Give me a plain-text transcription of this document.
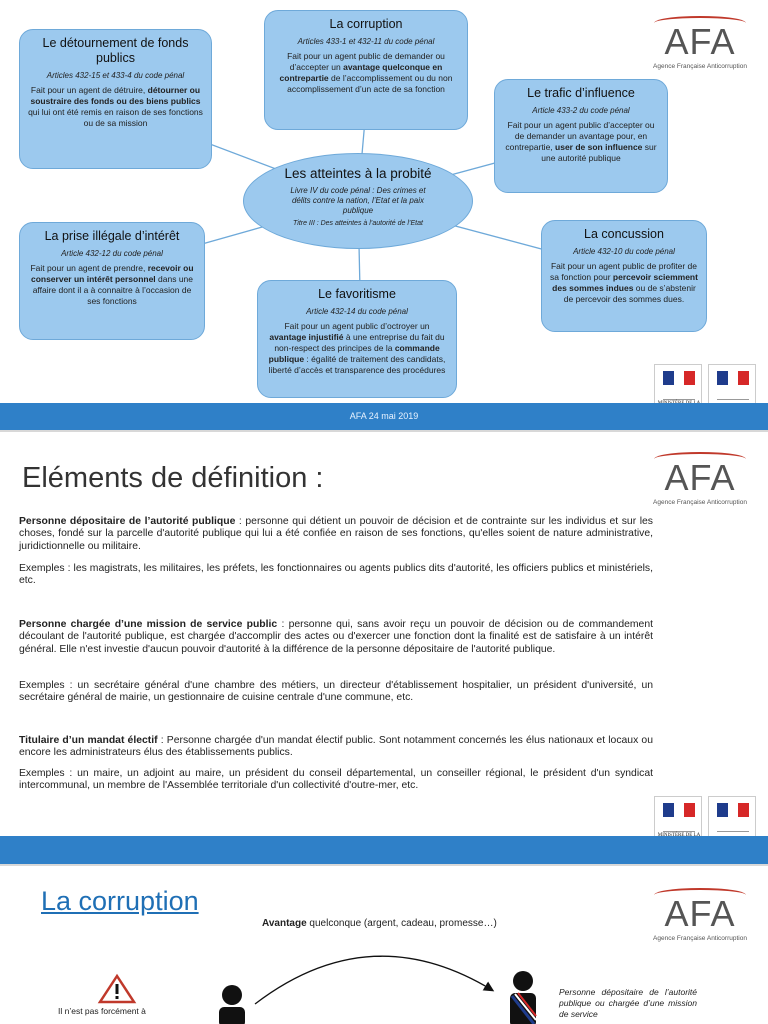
Le détournement de fonds publics
Articles 432-15 et 433-4 du code pénal
Fait pour un agent de détruire, détourner ou soustraire des fonds ou des biens publics qui lui ont été remis en raison de ses fonctions ou de sa mission
La corruption
Articles 433-1 et 432-11 du code pénal
Fait pour un agent public de demander ou d’accepter un avantage quelconque en contrepartie de l’accomplissement ou du non accomplissement d’un acte de sa fonction	Le trafic d’influence
Article 433-2 du code pénal
Fait pour un agent public d’accepter ou de demander un avantage pour, en contrepartie, user de son influence sur une autorité publique
Les atteintes à la probité
Livre IV du code pénal : Des crimes et délits contre la nation, l’Etat et la paix publique
Titre III : Des atteintes à l’autorité de l’Etat
La prise illégale d’intérêt
Article 432-12 du code pénal
Fait pour un agent de prendre, recevoir ou conserver un intérêt personnel dans une affaire dont il a à connaitre à l’occasion de ses fonctions	Le favoritisme
Article 432-14 du code pénal
Fait pour un agent public d’octroyer un avantage injustifié à une entreprise du fait du non-respect des principes de la commande publique : égalité de traitement des candidats, liberté d’accès et transparence des procédures
La concussion
Article 432-10 du code pénal
Fait pour un agent public de profiter de sa fonction pour percevoir sciemment des sommes indues ou de s’abstenir de percevoir des sommes dues.
AFA
Agence Française Anticorruption
AFA 24 mai 2019
Eléments de définition :	AFA
Agence Française Anticorruption
Personne dépositaire de l’autorité publique : personne qui détient un pouvoir de décision et de contrainte sur les individus et sur les choses, fondé sur la parcelle d'autorité publique qui lui a été confiée en raison de ses fonctions, qu'elles soient de nature administrative, juridictionnelle ou militaire.
Exemples : les magistrats, les militaires, les préfets, les fonctionnaires ou agents publics dits d'autorité, les officiers publics et ministériels, etc.
Personne chargée d’une mission de service public : personne qui, sans avoir reçu un pouvoir de décision ou de commandement découlant de l'autorité publique, est chargée d'accomplir des actes ou d'exercer une fonction dont la finalité est de satisfaire à un intérêt général. Elle n'est investie d'aucun pouvoir d'autorité à la différence de la personne dépositaire de l'autorité publique.
Exemples : un secrétaire général d'une chambre des métiers, un directeur d'établissement hospitalier, un président d'université, un secrétaire général de mairie, un gestionnaire de cuisine centrale d'une commune, etc.
Titulaire d’un mandat électif : Personne chargée d'un mandat électif public. Sont notamment concernés les élus nationaux et locaux ou encore les administrateurs élus des établissements publics.
Exemples : un maire, un adjoint au maire, un président du conseil départemental, un conseiller régional, le président d'un syndicat intercommunal, un membre de l'Assemblée territoriale d'un collectivité d'outre-mer, etc.
La corruption	AFA
Agence Française Anticorruption
Avantage quelconque (argent, cadeau, promesse…)
Il n’est pas forcément à
Personne dépositaire de l’autorité publique ou chargée d’une mission de service
